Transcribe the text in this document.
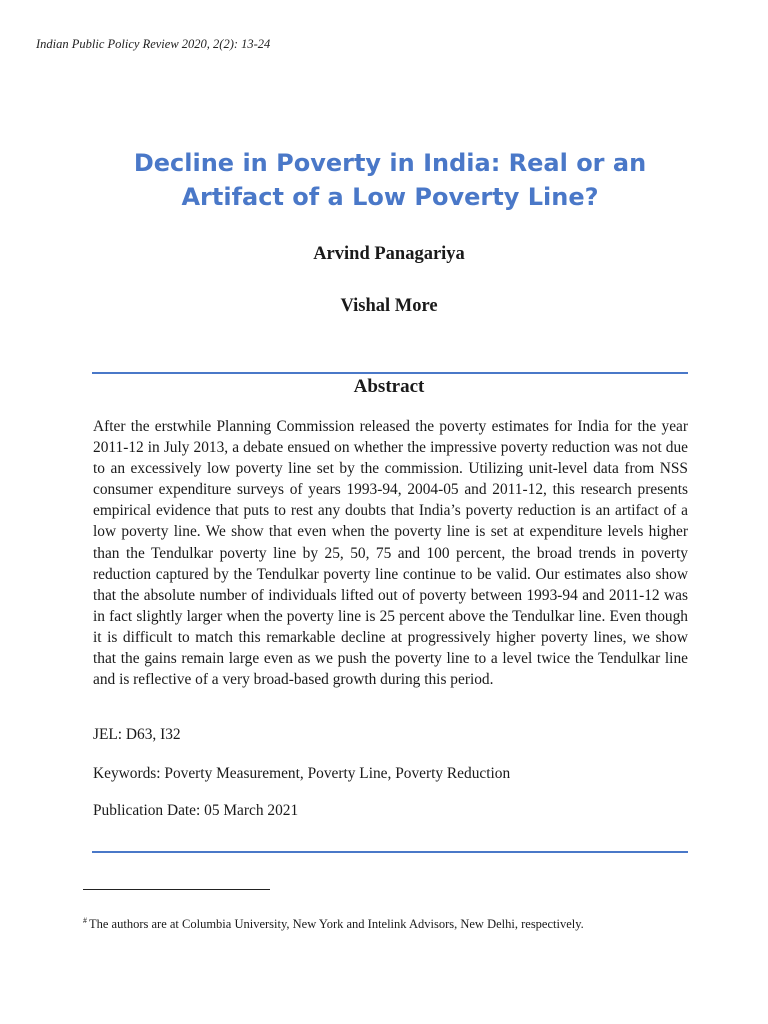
Indian Public Policy Review 2020, 2(2): 13-24
Decline in Poverty in India: Real or an Artifact of a Low Poverty Line?
Arvind Panagariya
Vishal More
Abstract

After the erstwhile Planning Commission released the poverty estimates for India for the year 2011-12 in July 2013, a debate ensued on whether the impressive poverty reduction was not due to an excessively low poverty line set by the commission. Utilizing unit-level data from NSS consumer expenditure surveys of years 1993-94, 2004-05 and 2011-12, this research presents empirical evidence that puts to rest any doubts that India’s poverty reduction is an artifact of a low poverty line. We show that even when the poverty line is set at expenditure levels higher than the Tendulkar poverty line by 25, 50, 75 and 100 percent, the broad trends in poverty reduction captured by the Tendulkar poverty line continue to be valid. Our estimates also show that the absolute number of individuals lifted out of poverty between 1993-94 and 2011-12 was in fact slightly larger when the poverty line is 25 percent above the Tendulkar line. Even though it is difficult to match this remarkable decline at progressively higher poverty lines, we show that the gains remain large even as we push the poverty line to a level twice the Tendulkar line and is reflective of a very broad-based growth during this period.

JEL: D63, I32

Keywords: Poverty Measurement, Poverty Line, Poverty Reduction

Publication Date: 05 March 2021

# The authors are at Columbia University, New York and Intelink Advisors, New Delhi, respectively.
